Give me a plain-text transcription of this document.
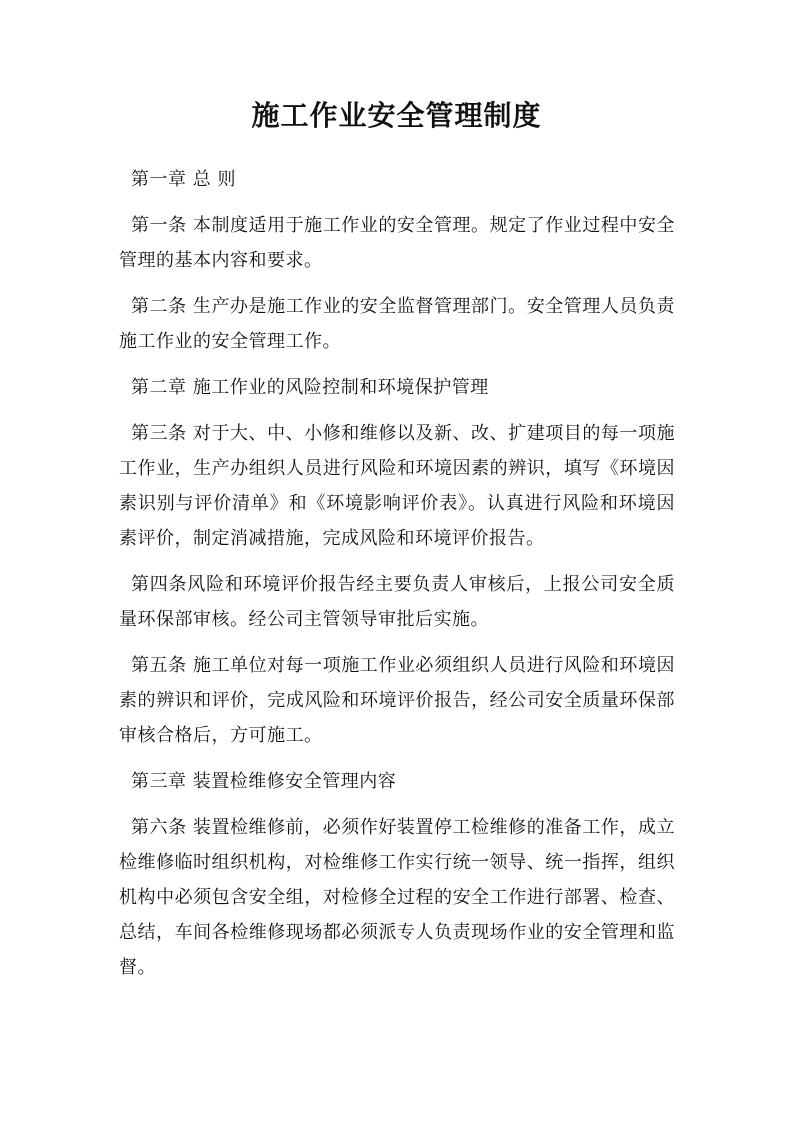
施工作业安全管理制度

第一章 总 则

第一条 本制度适用于施工作业的安全管理。规定了作业过程中安全管理的基本内容和要求。

第二条 生产办是施工作业的安全监督管理部门。安全管理人员负责施工作业的安全管理工作。

第二章 施工作业的风险控制和环境保护管理

第三条 对于大、中、小修和维修以及新、改、扩建项目的每一项施工作业，生产办组织人员进行风险和环境因素的辨识，填写《环境因素识别与评价清单》和《环境影响评价表》。认真进行风险和环境因素评价，制定消减措施，完成风险和环境评价报告。

第四条风险和环境评价报告经主要负责人审核后，上报公司安全质量环保部审核。经公司主管领导审批后实施。

第五条 施工单位对每一项施工作业必须组织人员进行风险和环境因素的辨识和评价，完成风险和环境评价报告，经公司安全质量环保部审核合格后，方可施工。

第三章 装置检维修安全管理内容

第六条 装置检维修前，必须作好装置停工检维修的准备工作，成立检维修临时组织机构，对检维修工作实行统一领导、统一指挥，组织机构中必须包含安全组，对检修全过程的安全工作进行部署、检查、总结，车间各检维修现场都必须派专人负责现场作业的安全管理和监督。
